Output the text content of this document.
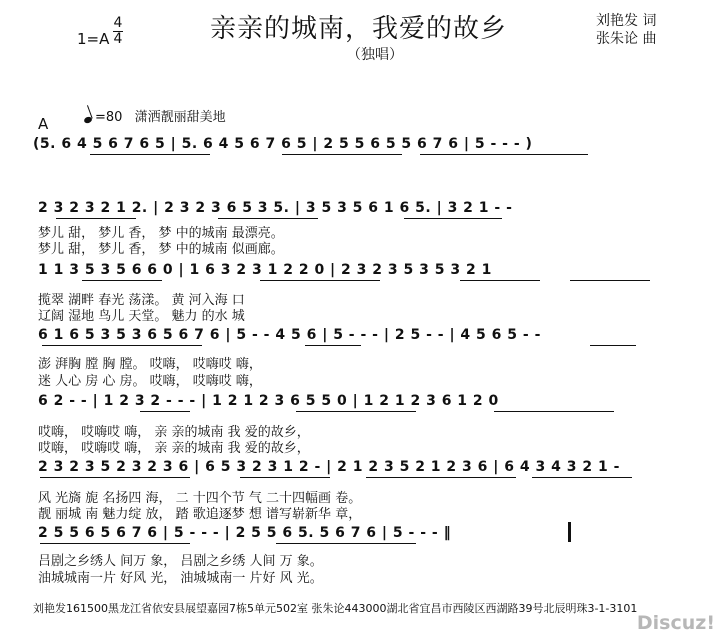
亲亲的城南，我爱的故乡
（独唱）
1=A
4
4
刘艳发 词
张朱论 曲
A	=80 潇洒靓丽甜美地
(5. 6 4 5 6 7 6 5 | 5. 6 4 5 6 7 6 5 | 2 5 5 6 5 5 6 7 6 | 5 - - - )
2 3 2 3 2 1 2. | 2 3 2 3 6 5 3 5. | 3 5 3 5 6 1 6 5. | 3 2 1 - -
梦儿 甜， 梦儿 香， 梦 中的城南 最漂亮。
梦儿 甜， 梦儿 香， 梦 中的城南 似画廊。
1 1 3 5 3 5 6 6 0 | 1 6 3 2 3 1 2 2 0 | 2 3 2 3 5 3 5 3 2 1
揽翠 湖畔 春光 荡漾。 黄 河入海 口
辽阔 湿地 鸟儿 天堂。 魅力 的水 城
6 1 6 5 3 5 3 6 5 6 7 6 | 5 - - 4 5 6 | 5 - - - | 2 5 - - | 4 5 6 5 - -
澎 湃胸 膛 胸 膛。 哎嗨， 哎嗨哎 嗨，
迷 人心 房 心 房。 哎嗨， 哎嗨哎 嗨，
6 2 - - | 1 2 3 2 - - - | 1 2 1 2 3 6 5 5 0 | 1 2 1 2 3 6 1 2 0
哎嗨， 哎嗨哎 嗨， 亲 亲的城南 我 爱的故乡，
哎嗨， 哎嗨哎 嗨， 亲 亲的城南 我 爱的故乡，
2 3 2 3 5 2 3 2 3 6 | 6 5 3 2 3 1 2 - | 2 1 2 3 5 2 1 2 3 6 | 6 4 3 4 3 2 1 -
风 光旖 旎 名扬四 海， 二 十四个节 气 二十四幅画 卷。
靓 丽城 南 魅力绽 放， 踏 歌追逐梦 想 谱写崭新华 章，
2 5 5 6 5 6 7 6 | 5 - - - | 2 5 5 6 5. 5 6 7 6 | 5 - - - ‖
吕剧之乡绣人 间万 象， 吕剧之乡绣 人间 万 象。
油城城南一片 好风 光， 油城城南一 片好 风 光。
刘艳发161500黑龙江省依安县展望嘉园7栋5单元502室 张朱论443000湖北省宜昌市西陵区西湖路39号北辰明珠3-1-3101
Discuz!
